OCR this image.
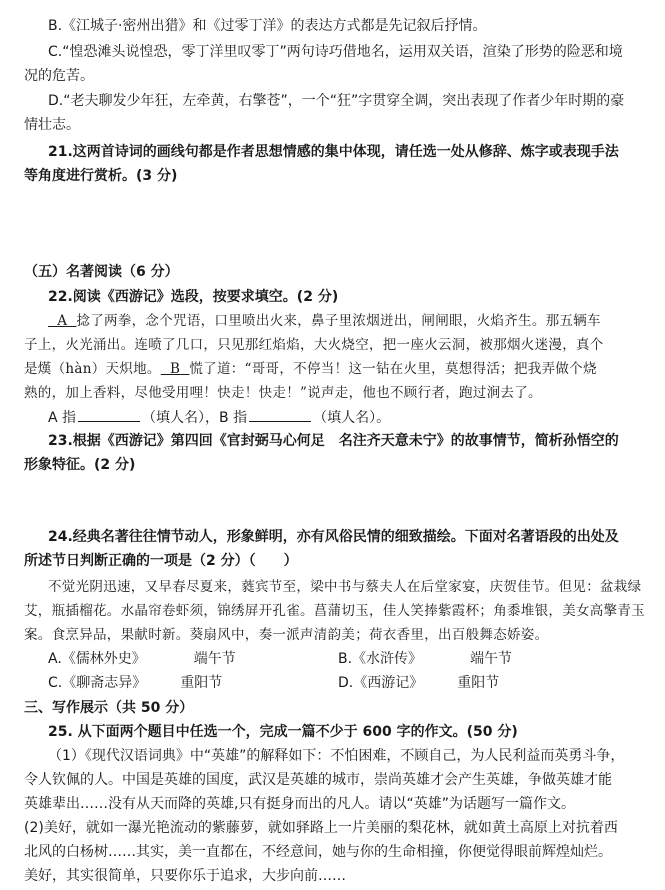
B.《江城子·密州出猎》和《过零丁洋》的表达方式都是先记叙后抒情。
C.“惶恐滩头说惶恐，零丁洋里叹零丁”两句诗巧借地名，运用双关语，渲染了形势的险恶和境
况的危苦。
D.“老夫聊发少年狂，左牵黄，右擎苍”，一个“狂”字贯穿全调，突出表现了作者少年时期的豪
情壮志。
21.这两首诗词的画线句都是作者思想情感的集中体现，请任选一处从修辞、炼字或表现手法
等角度进行赏析。(3 分)
（五）名著阅读（6 分）
22.阅读《西游记》选段，按要求填空。(2 分)
A 捻了两拳，念个咒语，口里喷出火来，鼻子里浓烟迸出，闸闸眼，火焰齐生。那五辆车
子上，火光涌出。连喷了几口，只见那红焰焰，大火烧空，把一座火云洞，被那烟火迷漫，真个
是熯（hàn）天炽地。 B 慌了道：“哥哥，不停当！这一钻在火里，莫想得活；把我弄做个烧
熟的，加上香料，尽他受用哩！快走！快走！”说声走，他也不顾行者，跑过涧去了。
A 指	（填人名），B 指	（填人名）。
23.根据《西游记》第四回《官封弼马心何足　名注齐天意未宁》的故事情节，简析孙悟空的
形象特征。(2 分)
24.经典名著往往情节动人，形象鲜明，亦有风俗民情的细致描绘。下面对名著语段的出处及
所述节日判断正确的一项是（2 分）（　　）
不觉光阴迅速，又早春尽夏来，蕤宾节至，梁中书与蔡夫人在后堂家宴，庆贺佳节。但见：盆栽绿
艾，瓶插榴花。水晶帘卷虾须，锦绣屏开孔雀。菖蒲切玉，佳人笑捧紫霞杯；角黍堆银，美女高擎青玉
案。食烹异品，果献时新。葵扇风中，奏一派声清韵美；荷衣香里，出百般舞态娇姿。
A.《儒林外史》	端午节	B.《水浒传》	端午节
C.《聊斋志异》 重阳节	D.《西游记》 重阳节
三、写作展示（共 50 分）
25. 从下面两个题目中任选一个，完成一篇不少于 600 字的作文。(50 分)
（1）《现代汉语词典》中“英雄”的解释如下：不怕困难，不顾自己，为人民利益而英勇斗争，
令人钦佩的人。中国是英雄的国度，武汉是英雄的城市，崇尚英雄才会产生英雄，争做英雄才能
英雄辈出……没有从天而降的英雄,只有挺身而出的凡人。请以“英雄”为话题写一篇作文。
(2)美好，就如一瀑光艳流动的紫藤萝，就如驿路上一片美丽的梨花林，就如黄土高原上对抗着西
北风的白杨树……其实，美一直都在，不经意间，她与你的生命相撞，你便觉得眼前辉煌灿烂。
美好，其实很简单，只要你乐于追求，大步向前……
